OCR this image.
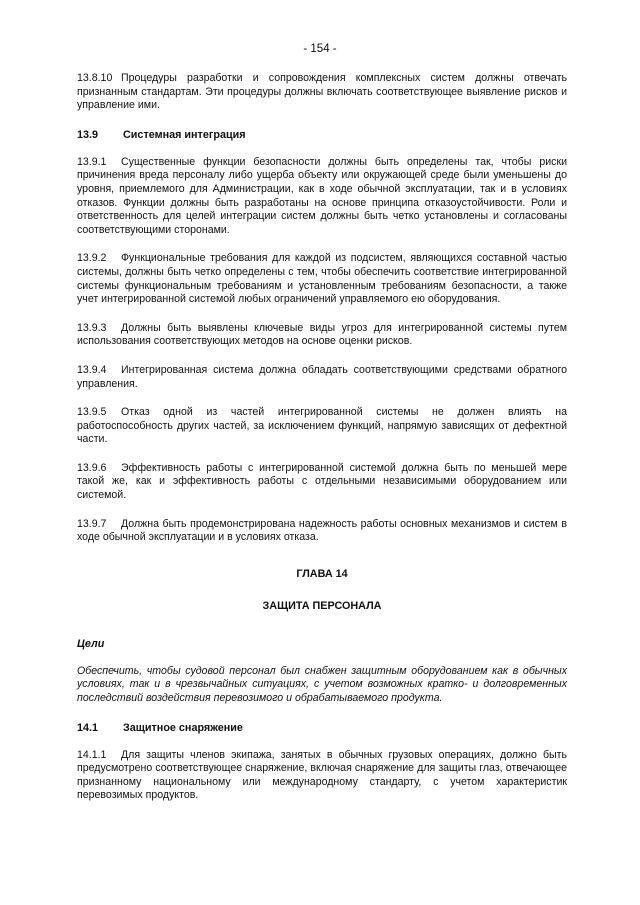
- 154 -

13.8.10 Процедуры разработки и сопровождения комплексных систем должны отвечать признанным стандартам. Эти процедуры должны включать соответствующее выявление рисков и управление ими.

13.9 Системная интеграция

13.9.1 Существенные функции безопасности должны быть определены так, чтобы риски причинения вреда персоналу либо ущерба объекту или окружающей среде были уменьшены до уровня, приемлемого для Администрации, как в ходе обычной эксплуатации, так и в условиях отказов. Функции должны быть разработаны на основе принципа отказоустойчивости. Роли и ответственность для целей интеграции систем должны быть четко установлены и согласованы соответствующими сторонами.

13.9.2 Функциональные требования для каждой из подсистем, являющихся составной частью системы, должны быть четко определены с тем, чтобы обеспечить соответствие интегрированной системы функциональным требованиям и установленным требованиям безопасности, а также учет интегрированной системой любых ограничений управляемого ею оборудования.

13.9.3 Должны быть выявлены ключевые виды угроз для интегрированной системы путем использования соответствующих методов на основе оценки рисков.

13.9.4 Интегрированная система должна обладать соответствующими средствами обратного управления.

13.9.5 Отказ одной из частей интегрированной системы не должен влиять на работоспособность других частей, за исключением функций, напрямую зависящих от дефектной части.

13.9.6 Эффективность работы с интегрированной системой должна быть по меньшей мере такой же, как и эффективность работы с отдельными независимыми оборудованием или системой.

13.9.7 Должна быть продемонстрирована надежность работы основных механизмов и систем в ходе обычной эксплуатации и в условиях отказа.

ГЛАВА 14
ЗАЩИТА ПЕРСОНАЛА
Цели

Обеспечить, чтобы судовой персонал был снабжен защитным оборудованием как в обычных условиях, так и в чрезвычайных ситуациях, с учетом возможных кратко- и долговременных последствий воздействия перевозимого и обрабатываемого продукта.

14.1 Защитное снаряжение

14.1.1 Для защиты членов экипажа, занятых в обычных грузовых операциях, должно быть предусмотрено соответствующее снаряжение, включая снаряжение для защиты глаз, отвечающее признанному национальному или международному стандарту, с учетом характеристик перевозимых продуктов.
